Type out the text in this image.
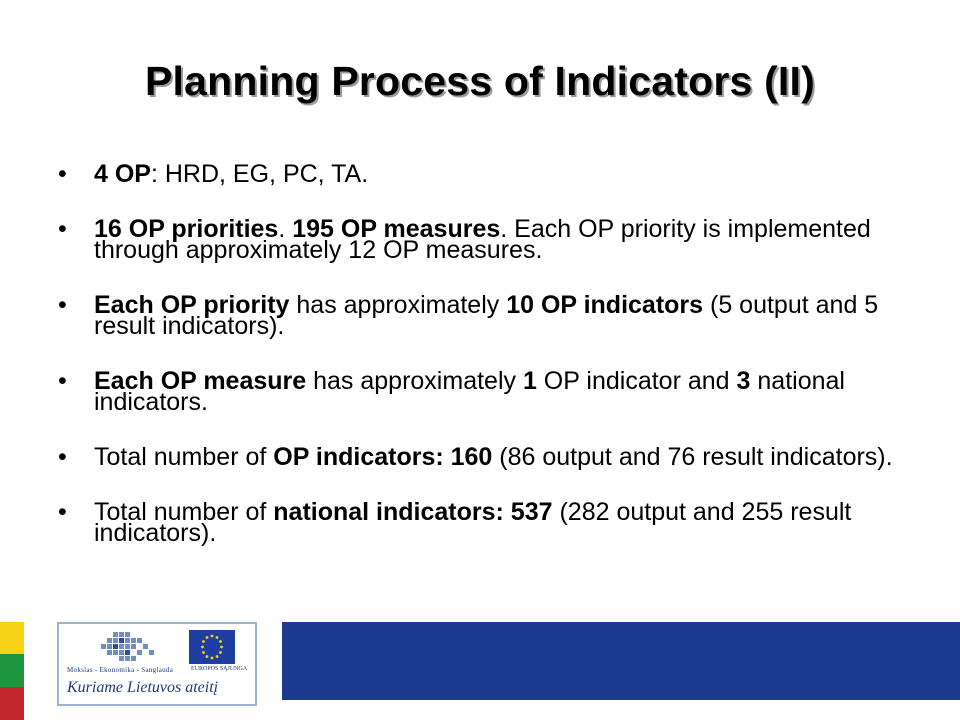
Planning Process of Indicators (II)
• 4 OP: HRD, EG, PC, TA.
• 16 OP priorities. 195 OP measures. Each OP priority is implemented through approximately 12 OP measures.
• Each OP priority has approximately 10 OP indicators (5 output and 5 result indicators).
• Each OP measure has approximately 1 OP indicator and 3 national indicators.
• Total number of OP indicators: 160 (86 output and 76 result indicators).
• Total number of national indicators: 537 (282 output and 255 result indicators).
Mokslas - Ekonomika - Sanglauda	EUROPOS SĄJUNGA
Kuriame Lietuvos ateitį
